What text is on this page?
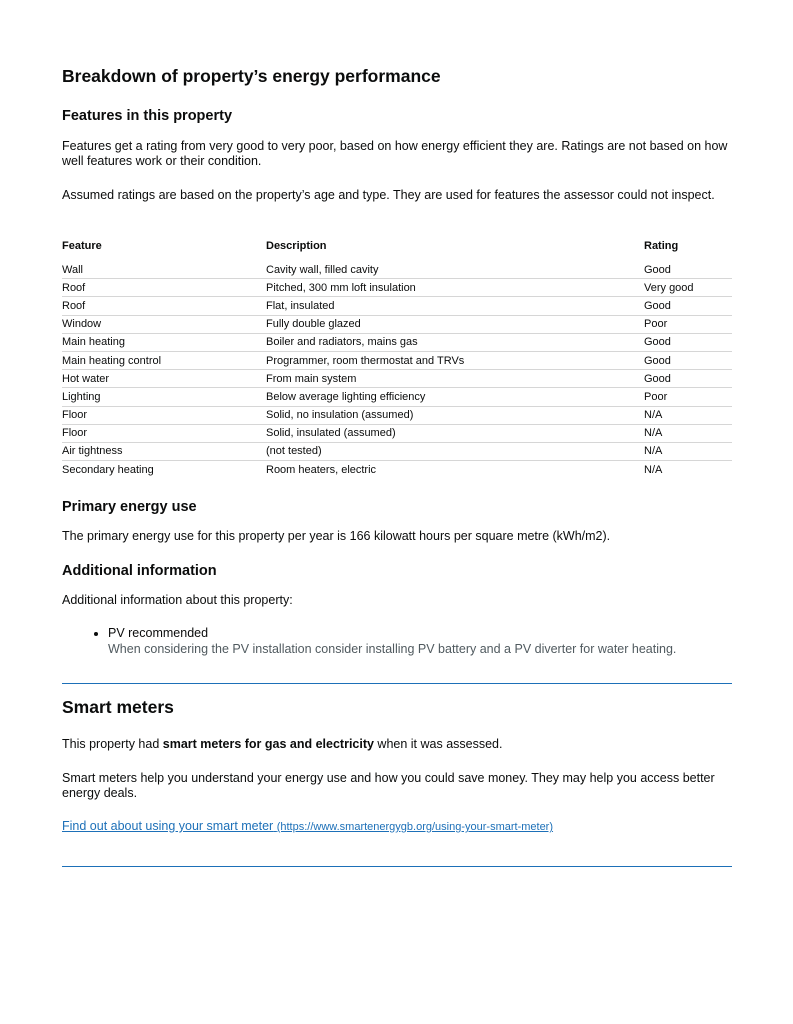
Breakdown of property’s energy performance
Features in this property

Features get a rating from very good to very poor, based on how energy efficient they are. Ratings are not based on how well features work or their condition.

Assumed ratings are based on the property’s age and type. They are used for features the assessor could not inspect.

Feature	Description	Rating
Wall	Cavity wall, filled cavity	Good
Roof	Pitched, 300 mm loft insulation	Very good
Roof	Flat, insulated	Good
Window	Fully double glazed	Poor
Main heating	Boiler and radiators, mains gas	Good
Main heating control	Programmer, room thermostat and TRVs	Good
Hot water	From main system	Good
Lighting	Below average lighting efficiency	Poor
Floor	Solid, no insulation (assumed)	N/A
Floor	Solid, insulated (assumed)	N/A
Air tightness	(not tested)	N/A
Secondary heating	Room heaters, electric	N/A
Primary energy use

The primary energy use for this property per year is 166 kilowatt hours per square metre (kWh/m2).

Additional information

Additional information about this property:

• PV recommended
When considering the PV installation consider installing PV battery and a PV diverter for water heating.
Smart meters

This property had smart meters for gas and electricity when it was assessed.

Smart meters help you understand your energy use and how you could save money. They may help you access better energy deals.

Find out about using your smart meter (https://www.smartenergygb.org/using-your-smart-meter)
